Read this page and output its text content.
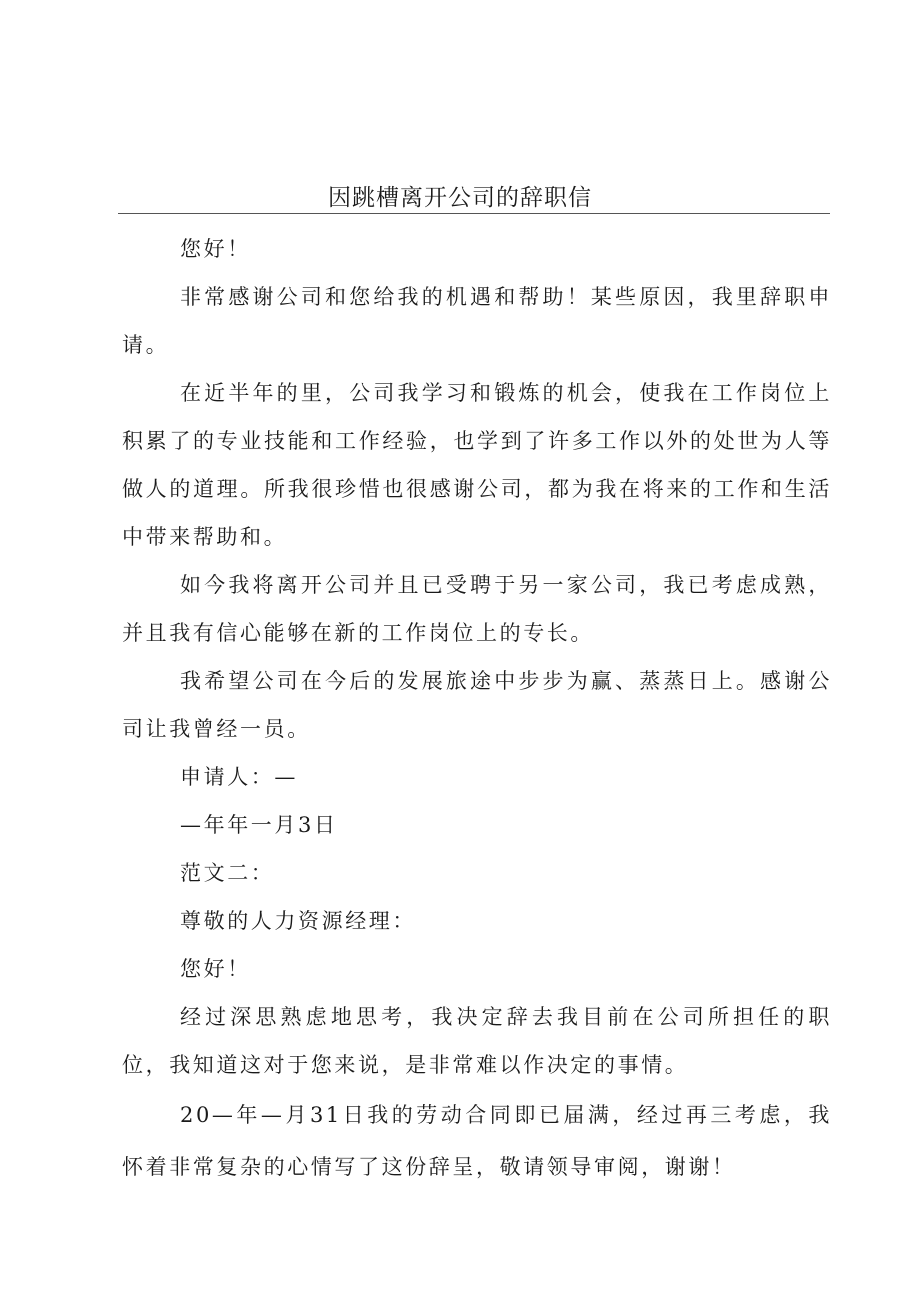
因跳槽离开公司的辞职信

您好！

非常感谢公司和您给我的机遇和帮助！某些原因，我里辞职申请。

在近半年的里，公司我学习和锻炼的机会，使我在工作岗位上积累了的专业技能和工作经验，也学到了许多工作以外的处世为人等做人的道理。所我很珍惜也很感谢公司，都为我在将来的工作和生活中带来帮助和。

如今我将离开公司并且已受聘于另一家公司，我已考虑成熟，并且我有信心能够在新的工作岗位上的专长。

我希望公司在今后的发展旅途中步步为赢、蒸蒸日上。感谢公司让我曾经一员。

申请人：—

—年年一月3日

范文二：

尊敬的人力资源经理：

您好！

经过深思熟虑地思考，我决定辞去我目前在公司所担任的职位，我知道这对于您来说，是非常难以作决定的事情。

20—年—月31日我的劳动合同即已届满，经过再三考虑，我怀着非常复杂的心情写了这份辞呈，敬请领导审阅，谢谢！
